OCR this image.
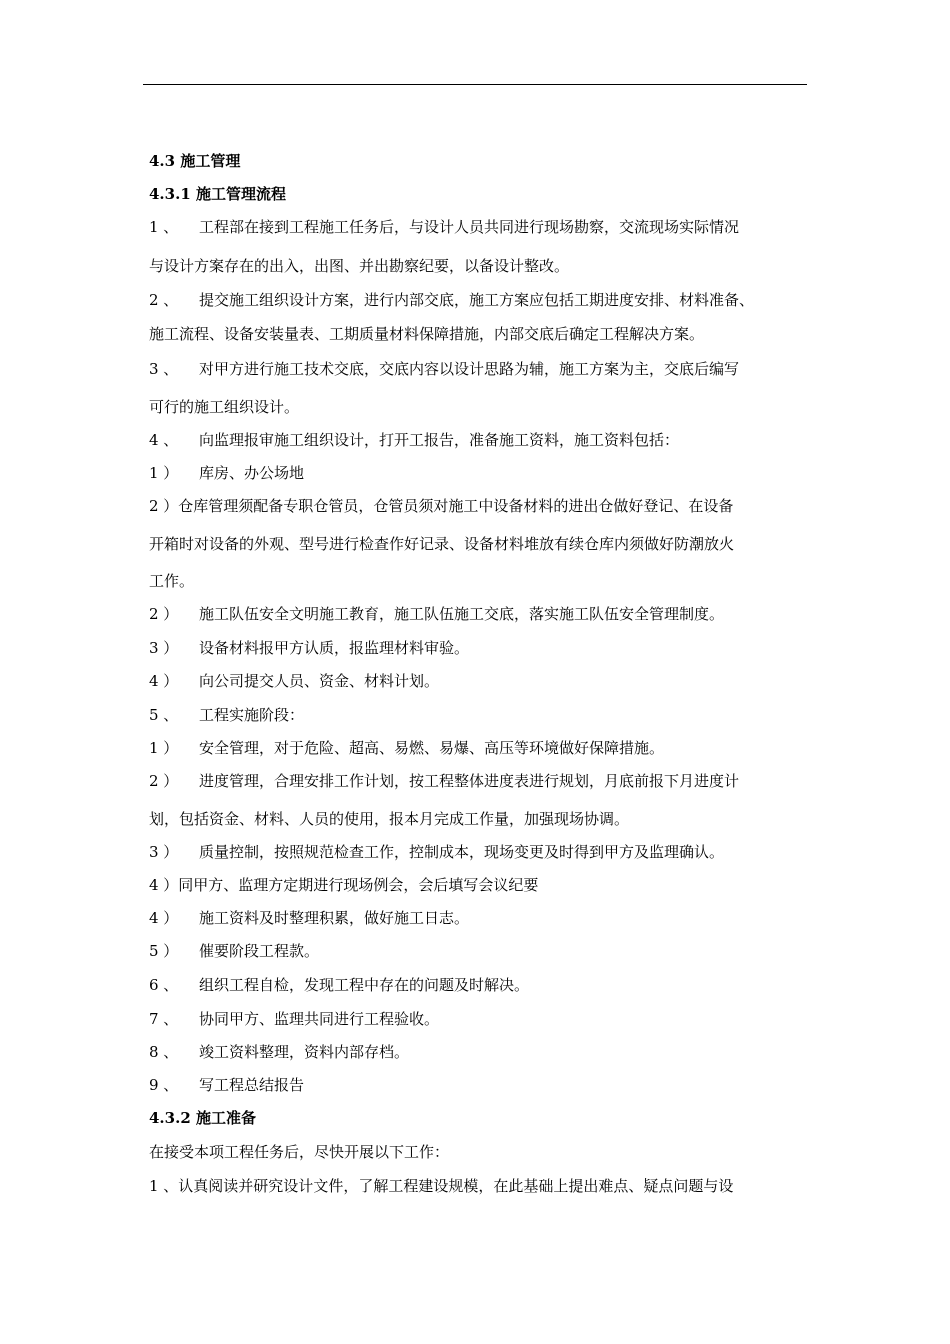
4.3 施工管理
4.3.1 施工管理流程
1 、 工程部在接到工程施工任务后，与设计人员共同进行现场勘察，交流现场实际情况
与设计方案存在的出入，出图、并出勘察纪要，以备设计整改。
2 、 提交施工组织设计方案，进行内部交底，施工方案应包括工期进度安排、材料准备、
施工流程、设备安装量表、工期质量材料保障措施，内部交底后确定工程解决方案。
3 、 对甲方进行施工技术交底，交底内容以设计思路为辅，施工方案为主，交底后编写
可行的施工组织设计。
4 、 向监理报审施工组织设计，打开工报告，准备施工资料，施工资料包括：
1 ） 库房、办公场地
2 ）仓库管理须配备专职仓管员，仓管员须对施工中设备材料的进出仓做好登记、在设备
开箱时对设备的外观、型号进行检查作好记录、设备材料堆放有续仓库内须做好防潮放火
工作。
2 ） 施工队伍安全文明施工教育，施工队伍施工交底，落实施工队伍安全管理制度。
3 ） 设备材料报甲方认质，报监理材料审验。
4 ） 向公司提交人员、资金、材料计划。
5 、 工程实施阶段：
1 ） 安全管理，对于危险、超高、易燃、易爆、高压等环境做好保障措施。
2 ） 进度管理，合理安排工作计划，按工程整体进度表进行规划，月底前报下月进度计
划，包括资金、材料、人员的使用，报本月完成工作量，加强现场协调。
3 ） 质量控制，按照规范检查工作，控制成本，现场变更及时得到甲方及监理确认。
4 ）同甲方、监理方定期进行现场例会，会后填写会议纪要
4 ） 施工资料及时整理积累，做好施工日志。
5 ） 催要阶段工程款。
6 、 组织工程自检，发现工程中存在的问题及时解决。
7 、 协同甲方、监理共同进行工程验收。
8 、 竣工资料整理，资料内部存档。
9 、 写工程总结报告
4.3.2 施工准备
在接受本项工程任务后，尽快开展以下工作：
1 、认真阅读并研究设计文件，了解工程建设规模，在此基础上提出难点、疑点问题与设
